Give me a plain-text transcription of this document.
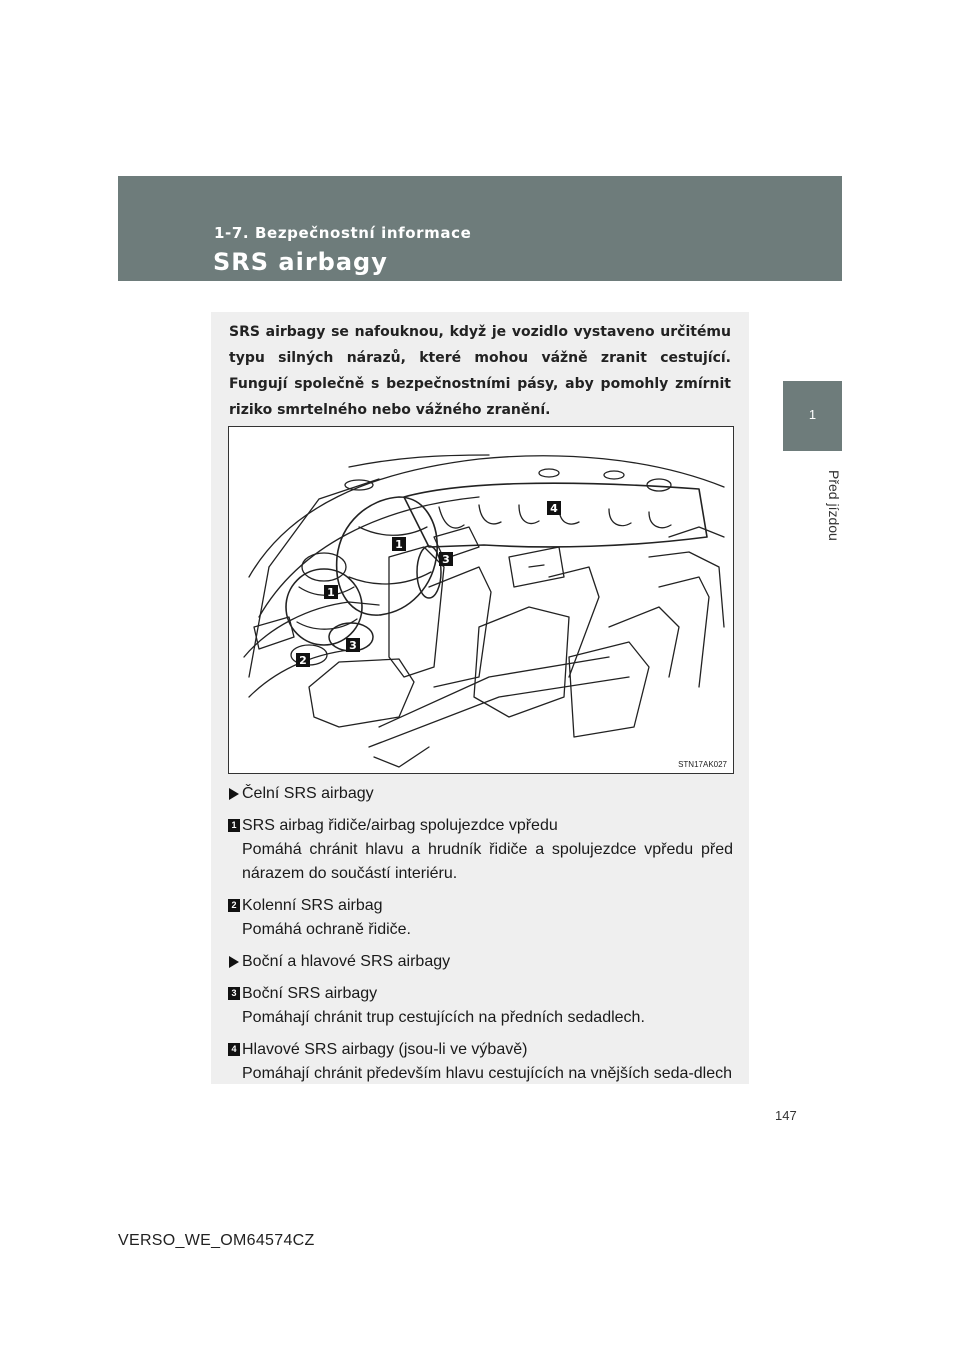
1-7. Bezpečnostní informace
SRS airbagy
1
Před jízdou
SRS airbagy se nafouknou, když je vozidlo vystaveno určitému typu silných nárazů, které mohou vážně zranit cestující. Fungují společně s bezpečnostními pásy, aby pomohly zmírnit riziko smrtelného nebo vážného zranění.
1
1
2
3
3
4
STN17AK027
Čelní SRS airbagy
1 SRS airbag řidiče/airbag spolujezdce vpředu
Pomáhá chránit hlavu a hrudník řidiče a spolujezdce vpředu před nárazem do součástí interiéru.
2 Kolenní SRS airbag
Pomáhá ochraně řidiče.
Boční a hlavové SRS airbagy
3 Boční SRS airbagy
Pomáhají chránit trup cestujících na předních sedadlech.
4 Hlavové SRS airbagy (jsou-li ve výbavě)
Pomáhají chránit především hlavu cestujících na vnějších seda-dlech
147
VERSO_WE_OM64574CZ
